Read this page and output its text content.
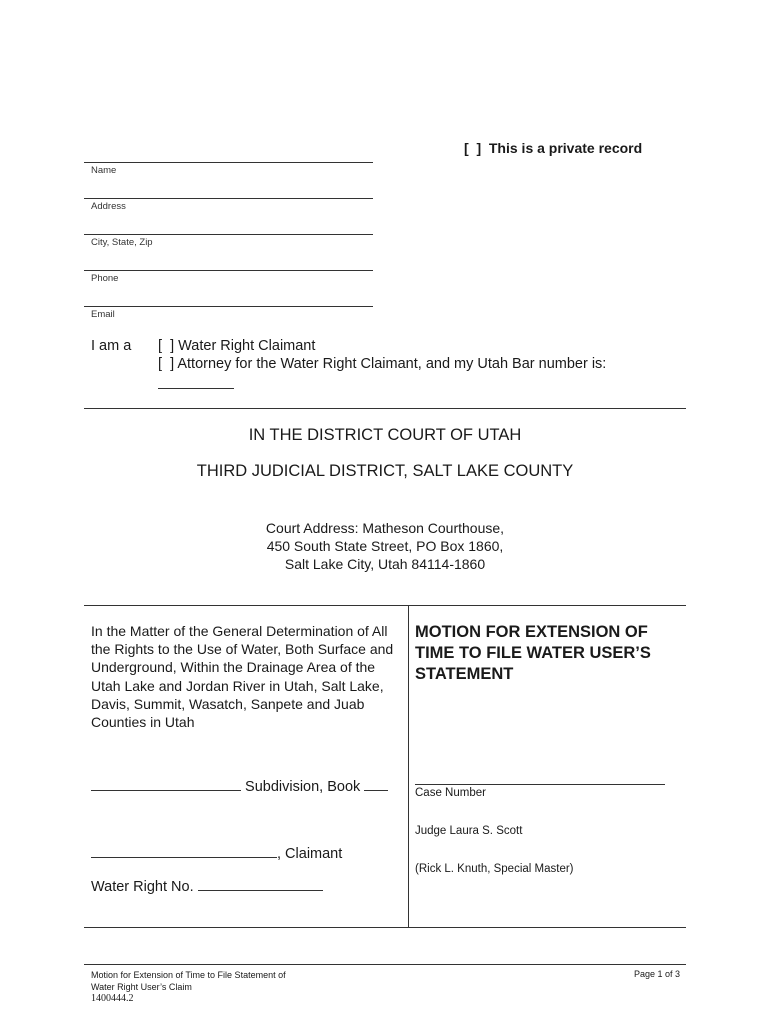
[  ]  This is a private record
Name
Address
City, State, Zip
Phone
Email
I am a [  ] Water Right Claimant
[  ] Attorney for the Water Right Claimant, and my Utah Bar number is:
IN THE DISTRICT COURT OF UTAH
THIRD JUDICIAL DISTRICT, SALT LAKE COUNTY
Court Address: Matheson Courthouse,
450 South State Street, PO Box 1860,
Salt Lake City, Utah 84114-1860
In the Matter of the General Determination of All the Rights to the Use of Water, Both Surface and Underground, Within the Drainage Area of the Utah Lake and Jordan River in Utah, Salt Lake, Davis, Summit, Wasatch, Sanpete and Juab Counties in Utah
Subdivision, Book
, Claimant
Water Right No.
MOTION FOR EXTENSION OF TIME TO FILE WATER USER’S STATEMENT
Case Number
Judge Laura S. Scott
(Rick L. Knuth, Special Master)
Motion for Extension of Time to File Statement of
Water Right User’s Claim
1400444.2
Page 1 of 3
